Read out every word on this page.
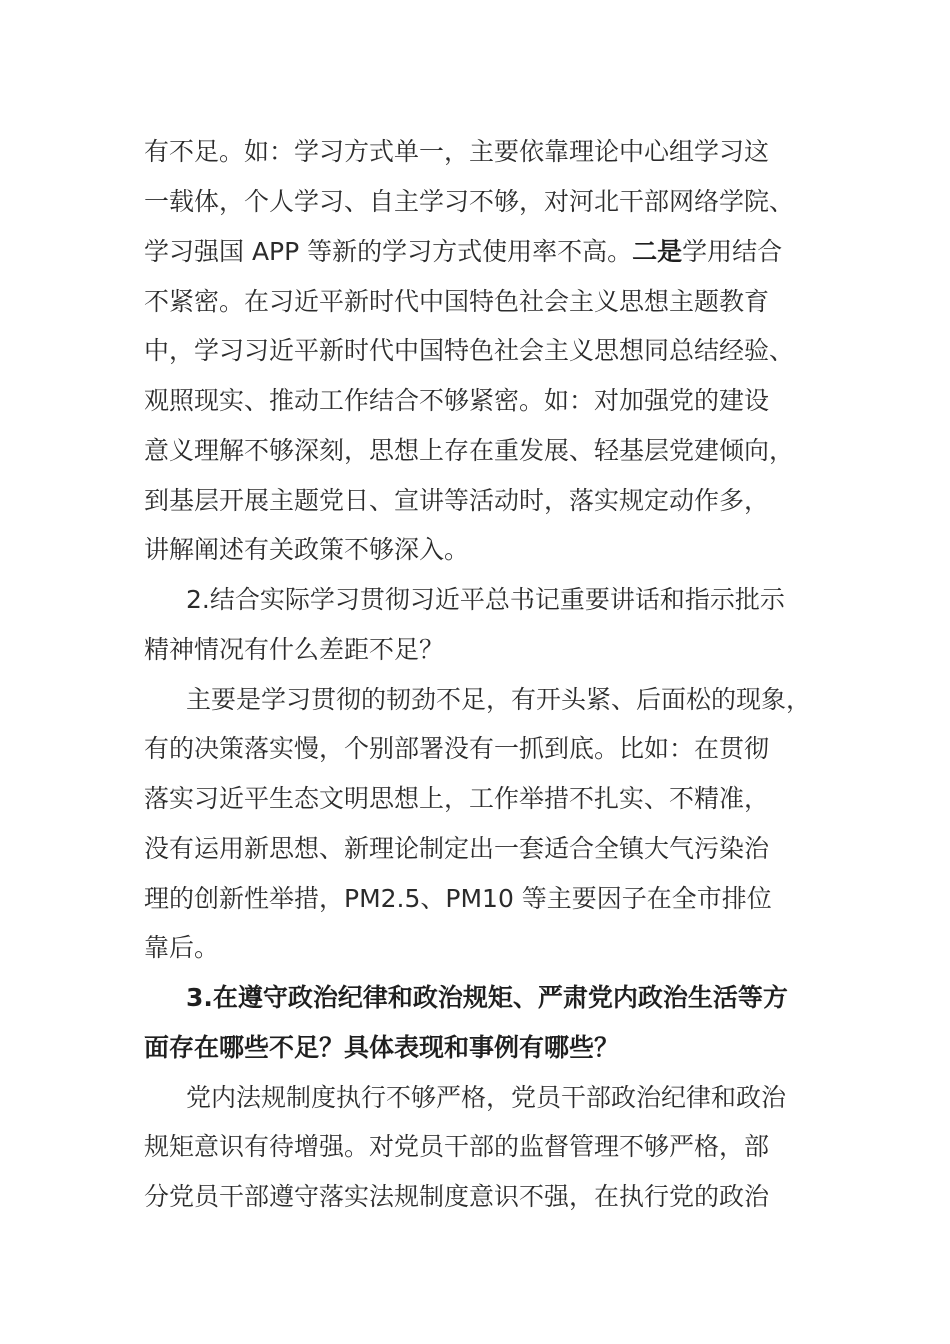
有不足。如：学习方式单一，主要依靠理论中心组学习这
一载体，个人学习、自主学习不够，对河北干部网络学院、
学习强国 APP 等新的学习方式使用率不高。二是学用结合
不紧密。在习近平新时代中国特色社会主义思想主题教育
中，学习习近平新时代中国特色社会主义思想同总结经验、
观照现实、推动工作结合不够紧密。如：对加强党的建设
意义理解不够深刻，思想上存在重发展、轻基层党建倾向，
到基层开展主题党日、宣讲等活动时，落实规定动作多，
讲解阐述有关政策不够深入。
2.结合实际学习贯彻习近平总书记重要讲话和指示批示
精神情况有什么差距不足？
主要是学习贯彻的韧劲不足，有开头紧、后面松的现象，
有的决策落实慢，个别部署没有一抓到底。比如：在贯彻
落实习近平生态文明思想上，工作举措不扎实、不精准，
没有运用新思想、新理论制定出一套适合全镇大气污染治
理的创新性举措，PM2.5、PM10 等主要因子在全市排位
靠后。
3.在遵守政治纪律和政治规矩、严肃党内政治生活等方
面存在哪些不足？具体表现和事例有哪些？
党内法规制度执行不够严格，党员干部政治纪律和政治
规矩意识有待增强。对党员干部的监督管理不够严格，部
分党员干部遵守落实法规制度意识不强，在执行党的政治
